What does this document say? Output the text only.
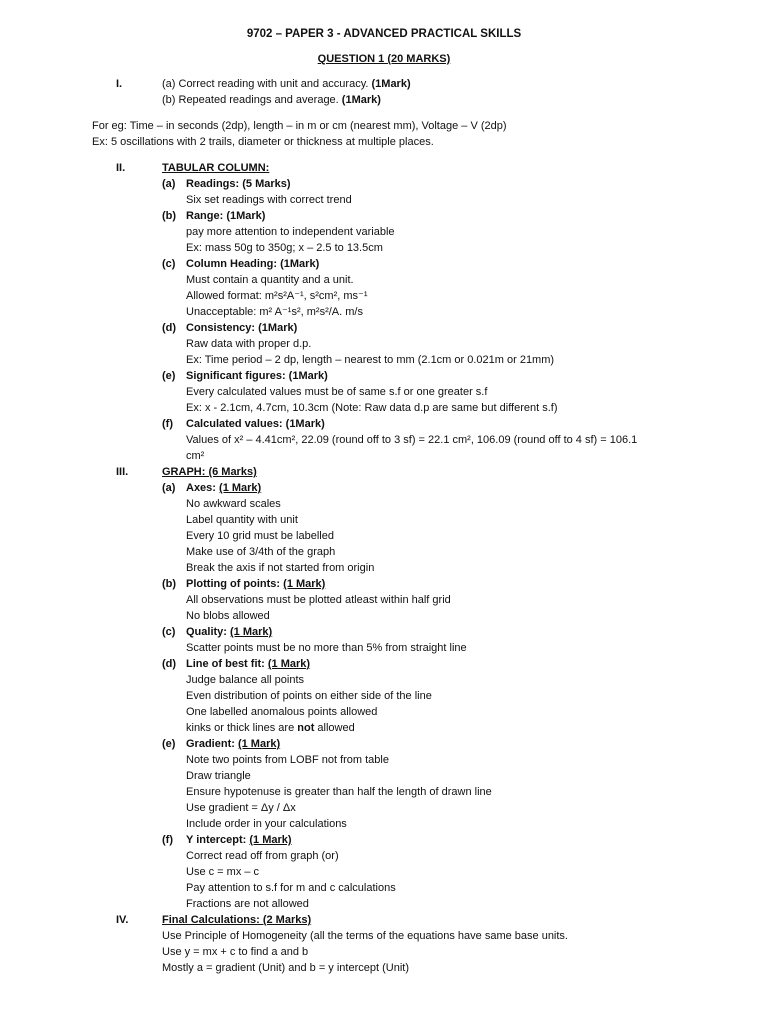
9702 – PAPER 3 - ADVANCED PRACTICAL SKILLS
QUESTION 1 (20 MARKS)
I.	(a) Correct reading with unit and accuracy. (1Mark)
(b) Repeated readings and average. (1Mark)
For eg: Time – in seconds (2dp), length – in m or cm (nearest mm), Voltage – V (2dp)
Ex: 5 oscillations with 2 trails, diameter or thickness at multiple places.
II.	TABULAR COLUMN:
(a) Readings: (5 Marks)
Six set readings with correct trend
(b) Range: (1Mark)
pay more attention to independent variable
Ex: mass 50g to 350g; x – 2.5 to 13.5cm
(c) Column Heading: (1Mark)
Must contain a quantity and a unit.
Allowed format: m²s²A⁻¹, s²cm², ms⁻¹
Unacceptable: m² A⁻¹s², m²s²/A. m/s
(d) Consistency: (1Mark)
Raw data with proper d.p.
Ex: Time period – 2 dp, length – nearest to mm (2.1cm or 0.021m or 21mm)
(e) Significant figures: (1Mark)
Every calculated values must be of same s.f or one greater s.f
Ex: x - 2.1cm, 4.7cm, 10.3cm (Note: Raw data d.p are same but different s.f)
(f) Calculated values: (1Mark)
Values of x² – 4.41cm², 22.09 (round off to 3 sf) = 22.1 cm², 106.09 (round off to 4 sf) = 106.1
cm²
III.	GRAPH: (6 Marks)
(a) Axes: (1 Mark)
No awkward scales
Label quantity with unit
Every 10 grid must be labelled
Make use of 3/4th of the graph
Break the axis if not started from origin
(b) Plotting of points: (1 Mark)
All observations must be plotted atleast within half grid
No blobs allowed
(c) Quality: (1 Mark)
Scatter points must be no more than 5% from straight line
(d) Line of best fit: (1 Mark)
Judge balance all points
Even distribution of points on either side of the line
One labelled anomalous points allowed
kinks or thick lines are not allowed
(e) Gradient: (1 Mark)
Note two points from LOBF not from table
Draw triangle
Ensure hypotenuse is greater than half the length of drawn line
Use gradient = Δy / Δx
Include order in your calculations
(f) Y intercept: (1 Mark)
Correct read off from graph (or)
Use c = mx – c
Pay attention to s.f for m and c calculations
Fractions are not allowed
IV.	Final Calculations: (2 Marks)
Use Principle of Homogeneity (all the terms of the equations have same base units.
Use y = mx + c to find a and b
Mostly a = gradient (Unit) and b = y intercept (Unit)
